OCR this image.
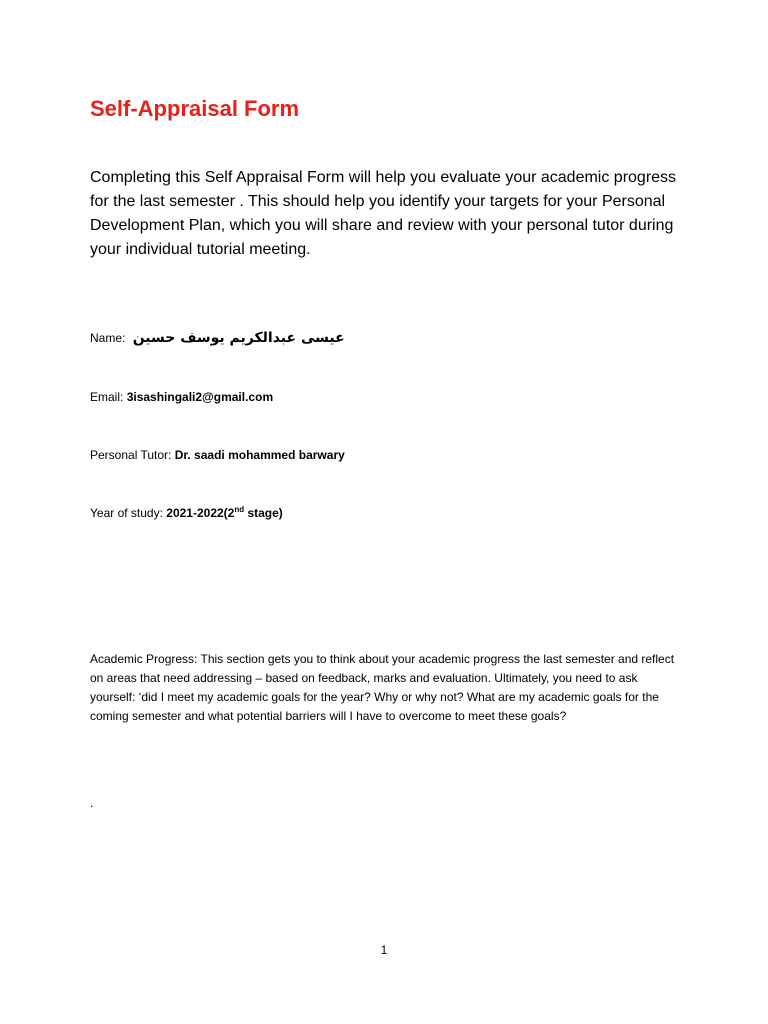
Self-Appraisal Form

Completing this Self Appraisal Form will help you evaluate your academic progress for the last semester . This should help you identify your targets for your Personal Development Plan, which you will share and review with your personal tutor during your individual tutorial meeting.

Name: عيسى عبدالكريم يوسف حسين
Email: 3isashingali2@gmail.com
Personal Tutor: Dr. saadi mohammed barwary
Year of study: 2021-2022(2nd stage)

Academic Progress: This section gets you to think about your academic progress the last semester and reflect on areas that need addressing – based on feedback, marks and evaluation. Ultimately, you need to ask yourself: ‘did I meet my academic goals for the year? Why or why not? What are my academic goals for the coming semester and what potential barriers will I have to overcome to meet these goals?

.
1
